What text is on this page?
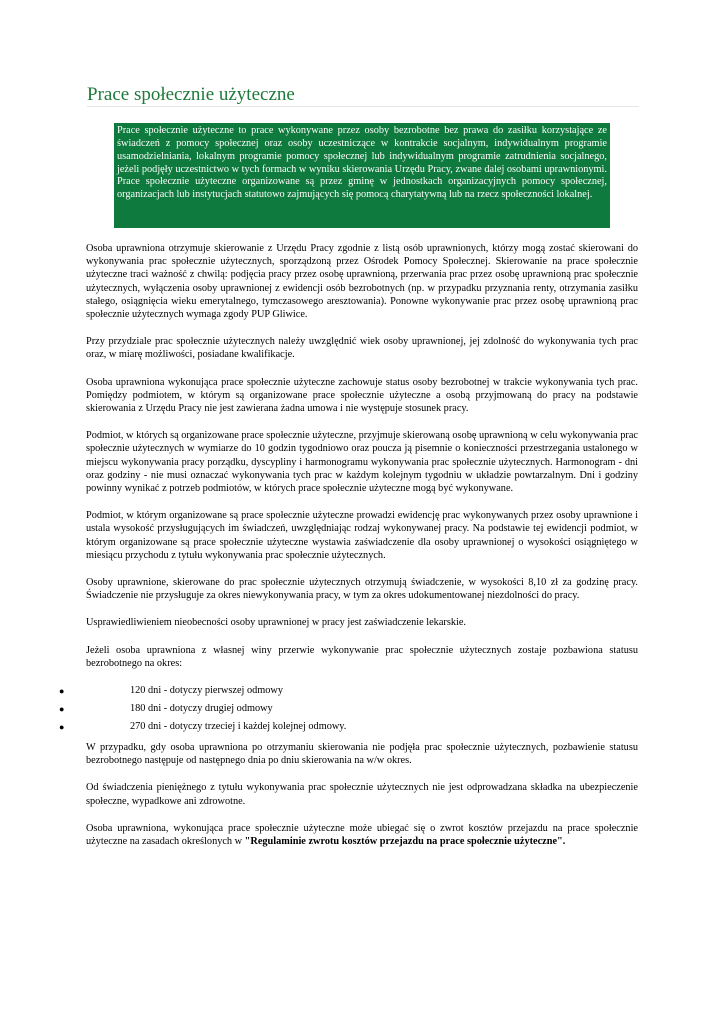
Prace społecznie użyteczne
Prace społecznie użyteczne to prace wykonywane przez osoby bezrobotne bez prawa do zasiłku korzystające ze świadczeń z pomocy społecznej oraz osoby uczestniczące w kontrakcie socjalnym, indywidualnym programie usamodzielniania, lokalnym programie pomocy społecznej lub indywidualnym programie zatrudnienia socjalnego, jeżeli podjęły uczestnictwo w tych formach w wyniku skierowania Urzędu Pracy, zwane dalej osobami uprawnionymi. Prace społecznie użyteczne organizowane są przez gminę w jednostkach organizacyjnych pomocy społecznej, organizacjach lub instytucjach statutowo zajmujących się pomocą charytatywną lub na rzecz społeczności lokalnej.

Osoba uprawniona otrzymuje skierowanie z Urzędu Pracy zgodnie z listą osób uprawnionych, którzy mogą zostać skierowani do wykonywania prac społecznie użytecznych, sporządzoną przez Ośrodek Pomocy Społecznej. Skierowanie na prace społecznie użyteczne traci ważność z chwilą: podjęcia pracy przez osobę uprawnioną, przerwania prac przez osobę uprawnioną prac społecznie użytecznych, wyłączenia osoby uprawnionej z ewidencji osób bezrobotnych (np. w przypadku przyznania renty, otrzymania zasiłku stałego, osiągnięcia wieku emerytalnego, tymczasowego aresztowania). Ponowne wykonywanie prac przez osobę uprawnioną prac społecznie użytecznych wymaga zgody PUP Gliwice.

Przy przydziale prac społecznie użytecznych należy uwzględnić wiek osoby uprawnionej, jej zdolność do wykonywania tych prac oraz, w miarę możliwości, posiadane kwalifikacje.

Osoba uprawniona wykonująca prace społecznie użyteczne zachowuje status osoby bezrobotnej w trakcie wykonywania tych prac. Pomiędzy podmiotem, w którym są organizowane prace społecznie użyteczne a osobą przyjmowaną do pracy na podstawie skierowania z Urzędu Pracy nie jest zawierana żadna umowa i nie występuje stosunek pracy.

Podmiot, w których są organizowane prace społecznie użyteczne, przyjmuje skierowaną osobę uprawnioną w celu wykonywania prac społecznie użytecznych w wymiarze do 10 godzin tygodniowo oraz poucza ją pisemnie o konieczności przestrzegania ustalonego w miejscu wykonywania pracy porządku, dyscypliny i harmonogramu wykonywania prac społecznie użytecznych. Harmonogram - dni oraz godziny - nie musi oznaczać wykonywania tych prac w każdym kolejnym tygodniu w układzie powtarzalnym. Dni i godziny powinny wynikać z potrzeb podmiotów, w których prace społecznie użyteczne mogą być wykonywane.

Podmiot, w którym organizowane są prace społecznie użyteczne prowadzi ewidencję prac wykonywanych przez osoby uprawnione i ustala wysokość przysługujących im świadczeń, uwzględniając rodzaj wykonywanej pracy. Na podstawie tej ewidencji podmiot, w którym organizowane są prace społecznie użyteczne wystawia zaświadczenie dla osoby uprawnionej o wysokości osiągniętego w miesiącu przychodu z tytułu wykonywania prac społecznie użytecznych.

Osoby uprawnione, skierowane do prac społecznie użytecznych otrzymują świadczenie, w wysokości 8,10 zł za godzinę pracy. Świadczenie nie przysługuje za okres niewykonywania pracy, w tym za okres udokumentowanej niezdolności do pracy.

Usprawiedliwieniem nieobecności osoby uprawnionej w pracy jest zaświadczenie lekarskie.

Jeżeli osoba uprawniona z własnej winy przerwie wykonywanie prac społecznie użytecznych zostaje pozbawiona statusu bezrobotnego na okres:

●	120 dni - dotyczy pierwszej odmowy
●	180 dni - dotyczy drugiej odmowy
●	270 dni - dotyczy trzeciej i każdej kolejnej odmowy.

W przypadku, gdy osoba uprawniona po otrzymaniu skierowania nie podjęła prac społecznie użytecznych, pozbawienie statusu bezrobotnego następuje od następnego dnia po dniu skierowania na w/w okres.

Od świadczenia pieniężnego z tytułu wykonywania prac społecznie użytecznych nie jest odprowadzana składka na ubezpieczenie społeczne, wypadkowe ani zdrowotne.

Osoba uprawniona, wykonująca prace społecznie użyteczne może ubiegać się o zwrot kosztów przejazdu na prace społecznie użyteczne na zasadach określonych w "Regulaminie zwrotu kosztów przejazdu na prace społecznie użyteczne".
